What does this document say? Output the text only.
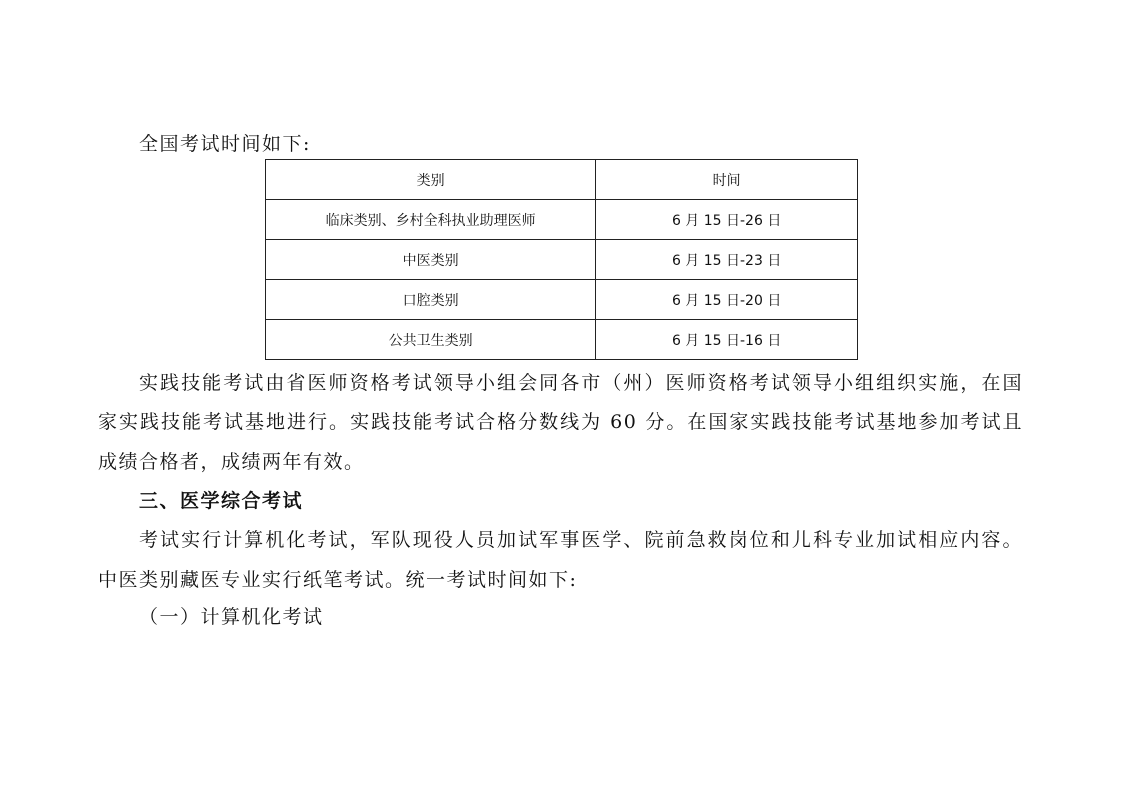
全国考试时间如下:
类别	时间
临床类别、乡村全科执业助理医师	6 月 15 日-26 日
中医类别	6 月 15 日-23 日
口腔类别	6 月 15 日-20 日
公共卫生类别	6 月 15 日-16 日
实践技能考试由省医师资格考试领导小组会同各市（州）医师资格考试领导小组组织实施，在国
家实践技能考试基地进行。实践技能考试合格分数线为 60 分。在国家实践技能考试基地参加考试且
成绩合格者，成绩两年有效。
三、医学综合考试
考试实行计算机化考试，军队现役人员加试军事医学、院前急救岗位和儿科专业加试相应内容。
中医类别藏医专业实行纸笔考试。统一考试时间如下:
（一）计算机化考试
